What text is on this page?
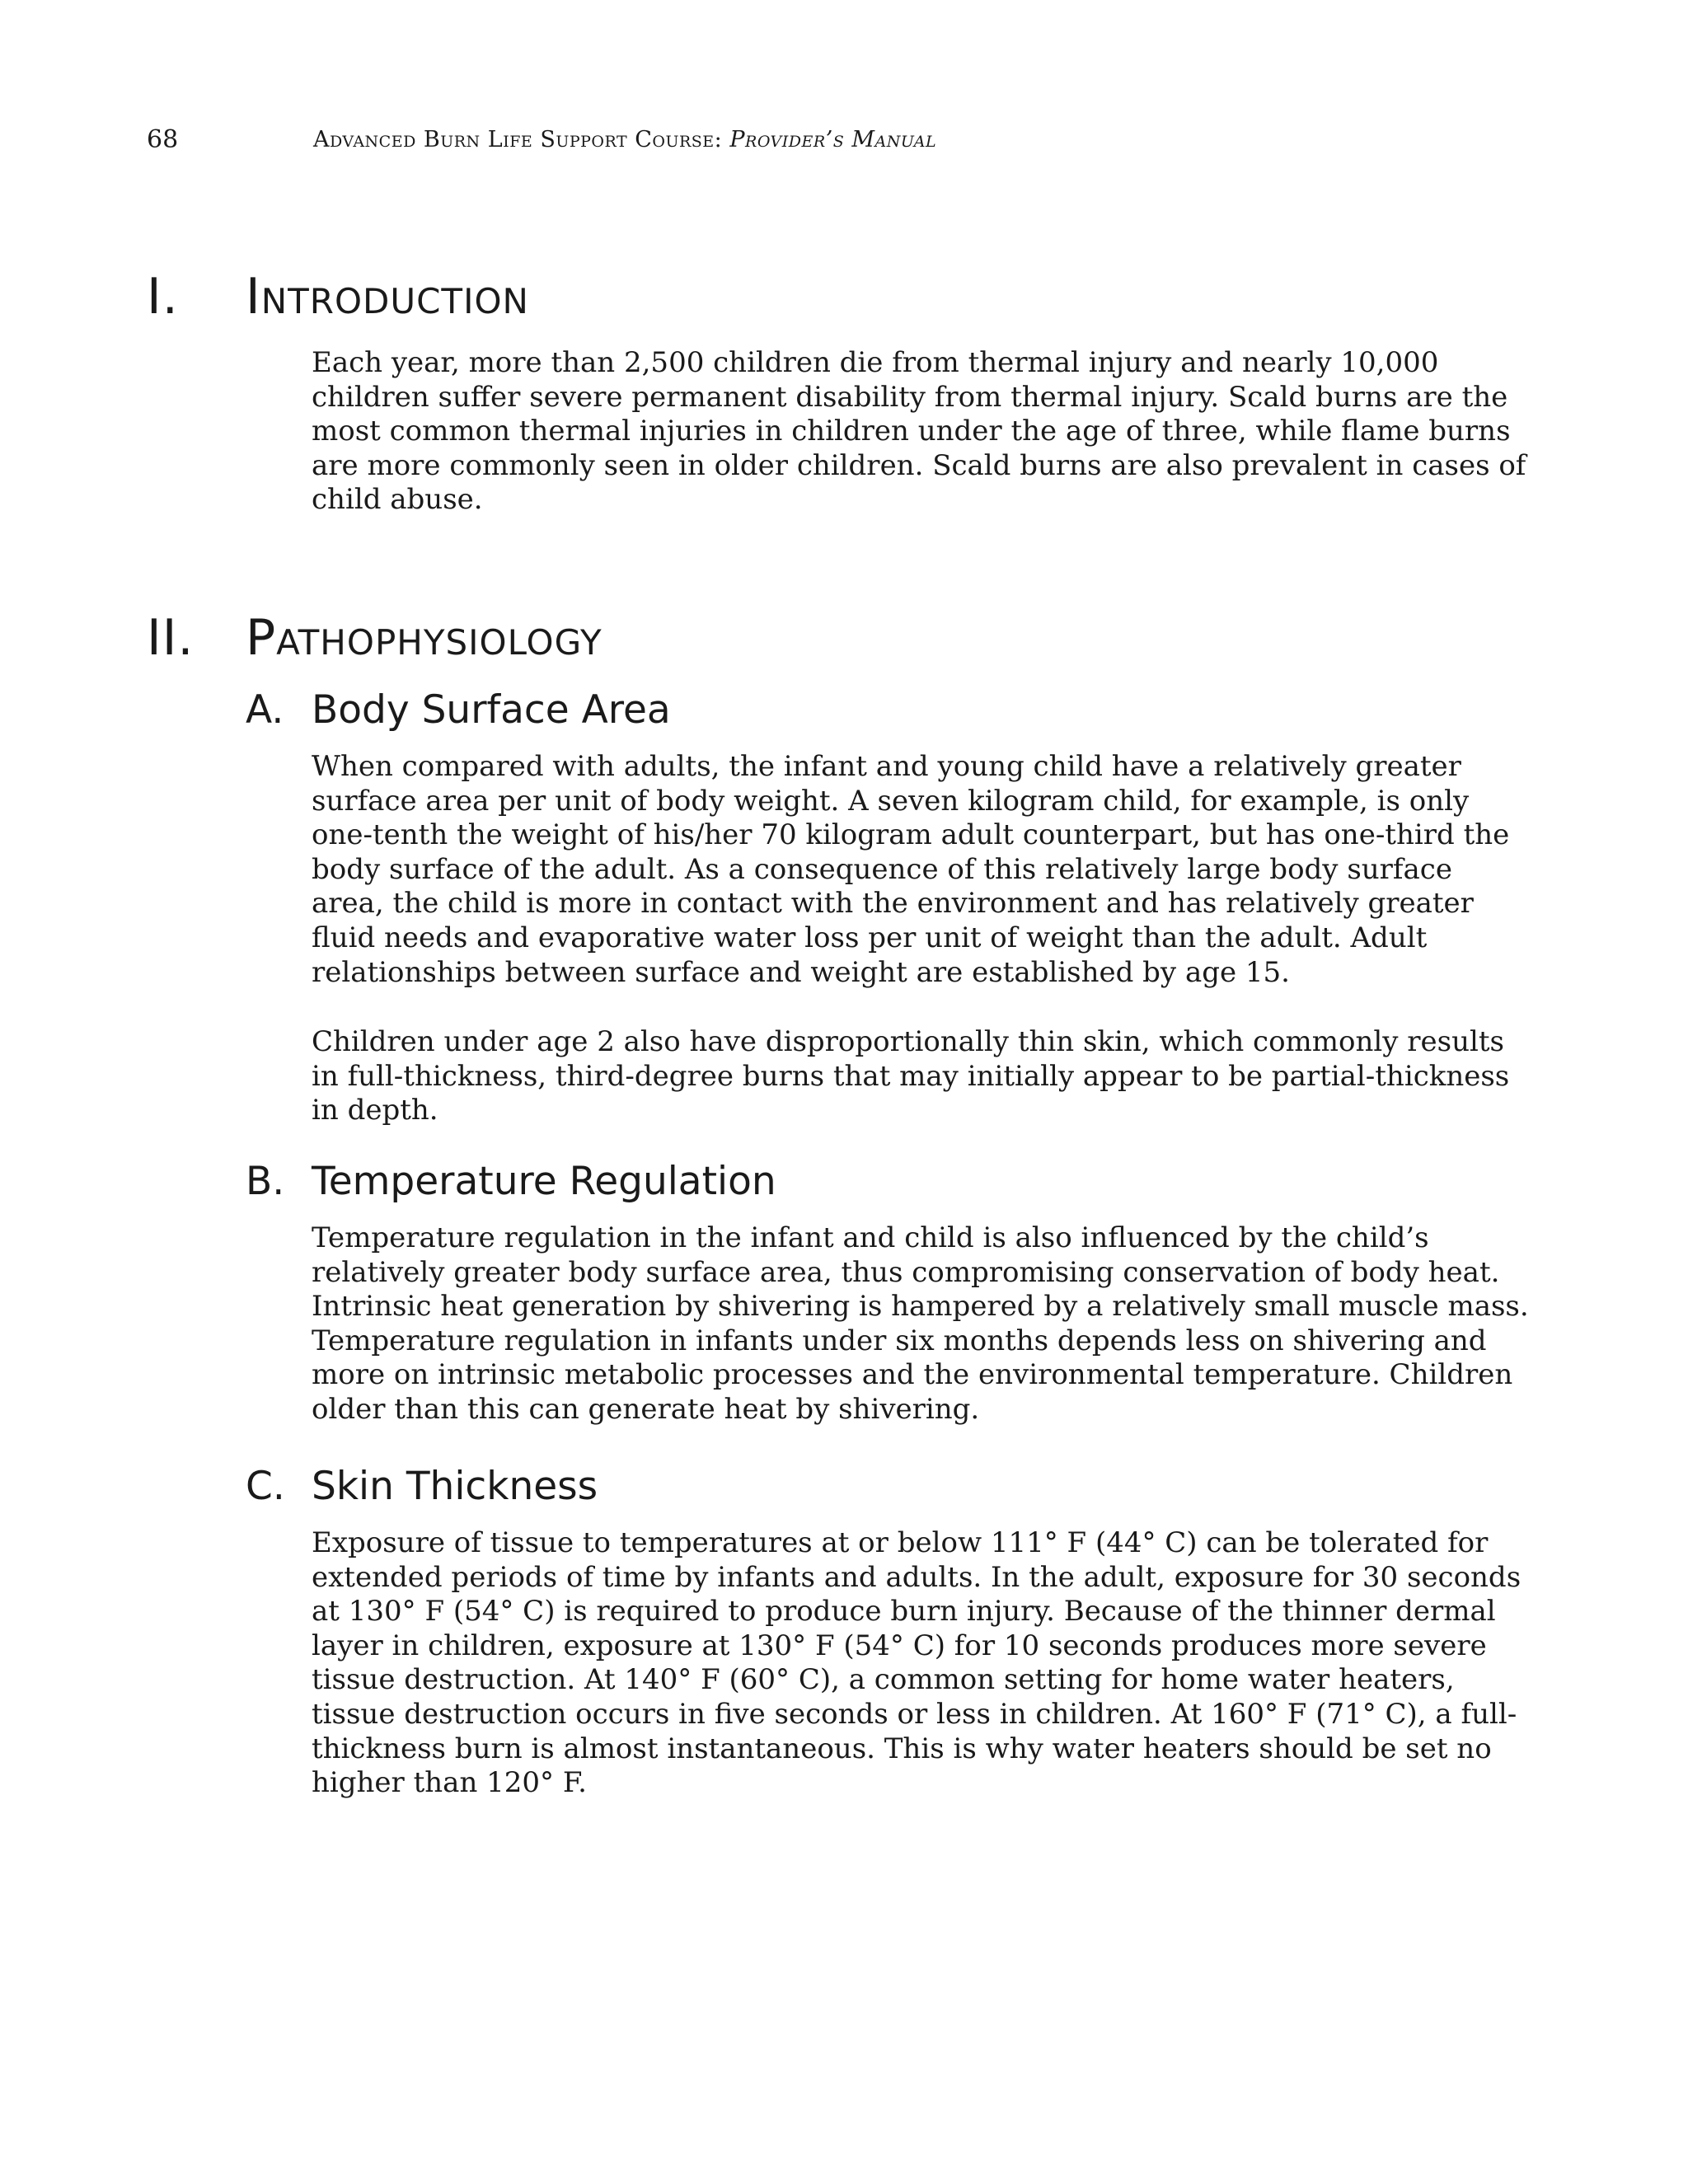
68	Advanced Burn Life Support Course: Provider’s Manual
I. Introduction

Each year, more than 2,500 children die from thermal injury and nearly 10,000 children suffer severe permanent disability from thermal injury. Scald burns are the most common thermal injuries in children under the age of three, while flame burns are more commonly seen in older children. Scald burns are also prevalent in cases of child abuse.

II. Pathophysiology
A. Body Surface Area

When compared with adults, the infant and young child have a relatively greater surface area per unit of body weight. A seven kilogram child, for example, is only one-tenth the weight of his/her 70 kilogram adult counterpart, but has one-third the body surface of the adult. As a consequence of this relatively large body surface area, the child is more in contact with the environment and has relatively greater fluid needs and evaporative water loss per unit of weight than the adult. Adult relationships between surface and weight are established by age 15.

Children under age 2 also have disproportionally thin skin, which commonly results in full-thickness, third-degree burns that may initially appear to be partial-thickness in depth.

B. Temperature Regulation

Temperature regulation in the infant and child is also influenced by the child’s relatively greater body surface area, thus compromising conservation of body heat. Intrinsic heat generation by shivering is hampered by a relatively small muscle mass. Temperature regulation in infants under six months depends less on shivering and more on intrinsic metabolic processes and the environmental temperature. Children older than this can generate heat by shivering.

C. Skin Thickness

Exposure of tissue to temperatures at or below 111° F (44° C) can be tolerated for extended periods of time by infants and adults. In the adult, exposure for 30 seconds at 130° F (54° C) is required to produce burn injury. Because of the thinner dermal layer in children, exposure at 130° F (54° C) for 10 seconds produces more severe tissue destruction. At 140° F (60° C), a common setting for home water heaters, tissue destruction occurs in five seconds or less in children. At 160° F (71° C), a full-thickness burn is almost instantaneous. This is why water heaters should be set no higher than 120° F.
